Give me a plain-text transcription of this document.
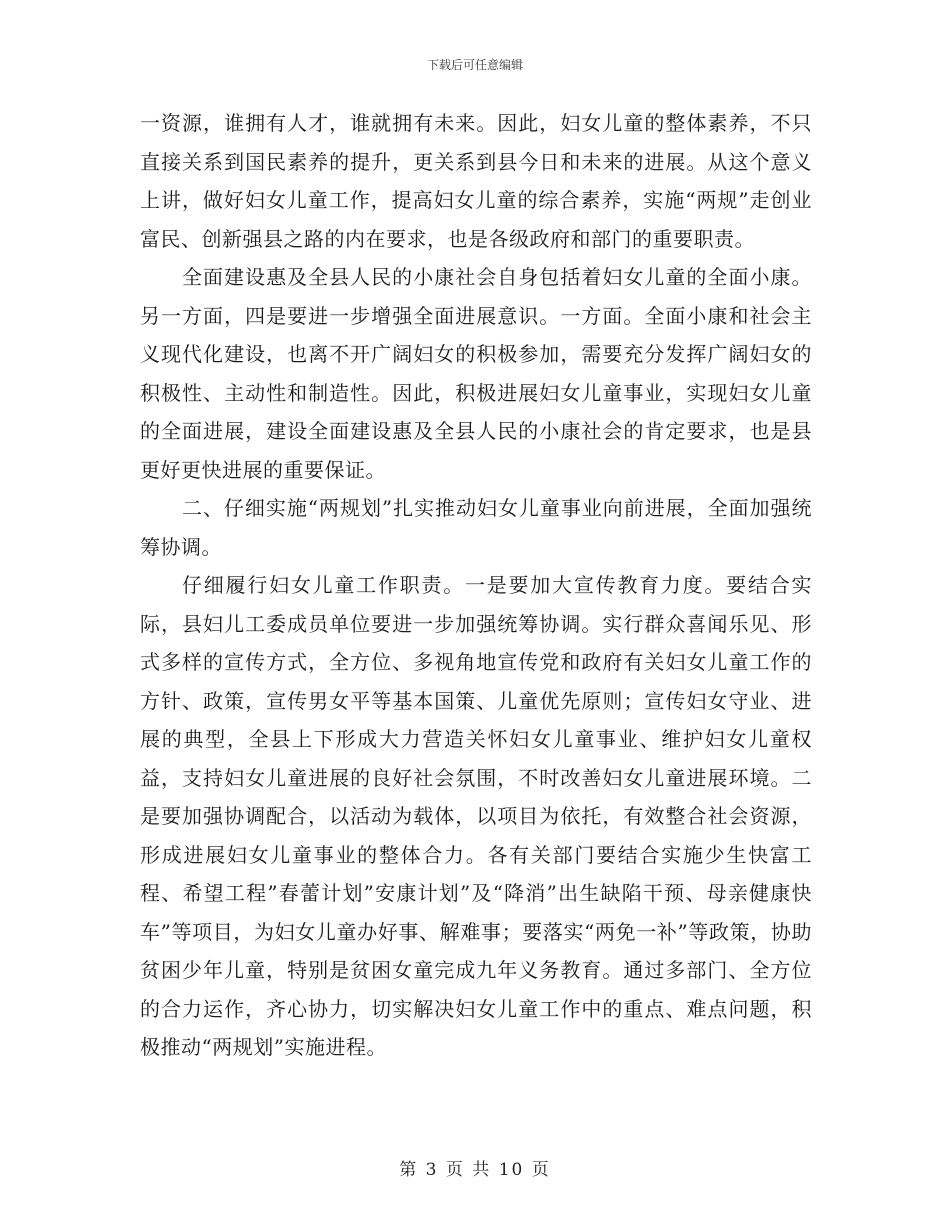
下载后可任意编辑

一资源，谁拥有人才，谁就拥有未来。因此，妇女儿童的整体素养，不只直接关系到国民素养的提升，更关系到县今日和未来的进展。从这个意义上讲，做好妇女儿童工作，提高妇女儿童的综合素养，实施“两规”走创业富民、创新强县之路的内在要求，也是各级政府和部门的重要职责。

全面建设惠及全县人民的小康社会自身包括着妇女儿童的全面小康。另一方面，四是要进一步增强全面进展意识。一方面。全面小康和社会主义现代化建设，也离不开广阔妇女的积极参加，需要充分发挥广阔妇女的积极性、主动性和制造性。因此，积极进展妇女儿童事业，实现妇女儿童的全面进展，建设全面建设惠及全县人民的小康社会的肯定要求，也是县更好更快进展的重要保证。

二、仔细实施“两规划”扎实推动妇女儿童事业向前进展，全面加强统筹协调。

仔细履行妇女儿童工作职责。一是要加大宣传教育力度。要结合实际，县妇儿工委成员单位要进一步加强统筹协调。实行群众喜闻乐见、形式多样的宣传方式，全方位、多视角地宣传党和政府有关妇女儿童工作的方针、政策，宣传男女平等基本国策、儿童优先原则；宣传妇女守业、进展的典型，全县上下形成大力营造关怀妇女儿童事业、维护妇女儿童权益，支持妇女儿童进展的良好社会氛围，不时改善妇女儿童进展环境。二是要加强协调配合，以活动为载体，以项目为依托，有效整合社会资源，形成进展妇女儿童事业的整体合力。各有关部门要结合实施少生快富工程、希望工程”春蕾计划”安康计划”及“降消”出生缺陷干预、母亲健康快车”等项目，为妇女儿童办好事、解难事；要落实“两免一补”等政策，协助贫困少年儿童，特别是贫困女童完成九年义务教育。通过多部门、全方位的合力运作，齐心协力，切实解决妇女儿童工作中的重点、难点问题，积极推动“两规划”实施进程。

第 3 页 共 10 页
